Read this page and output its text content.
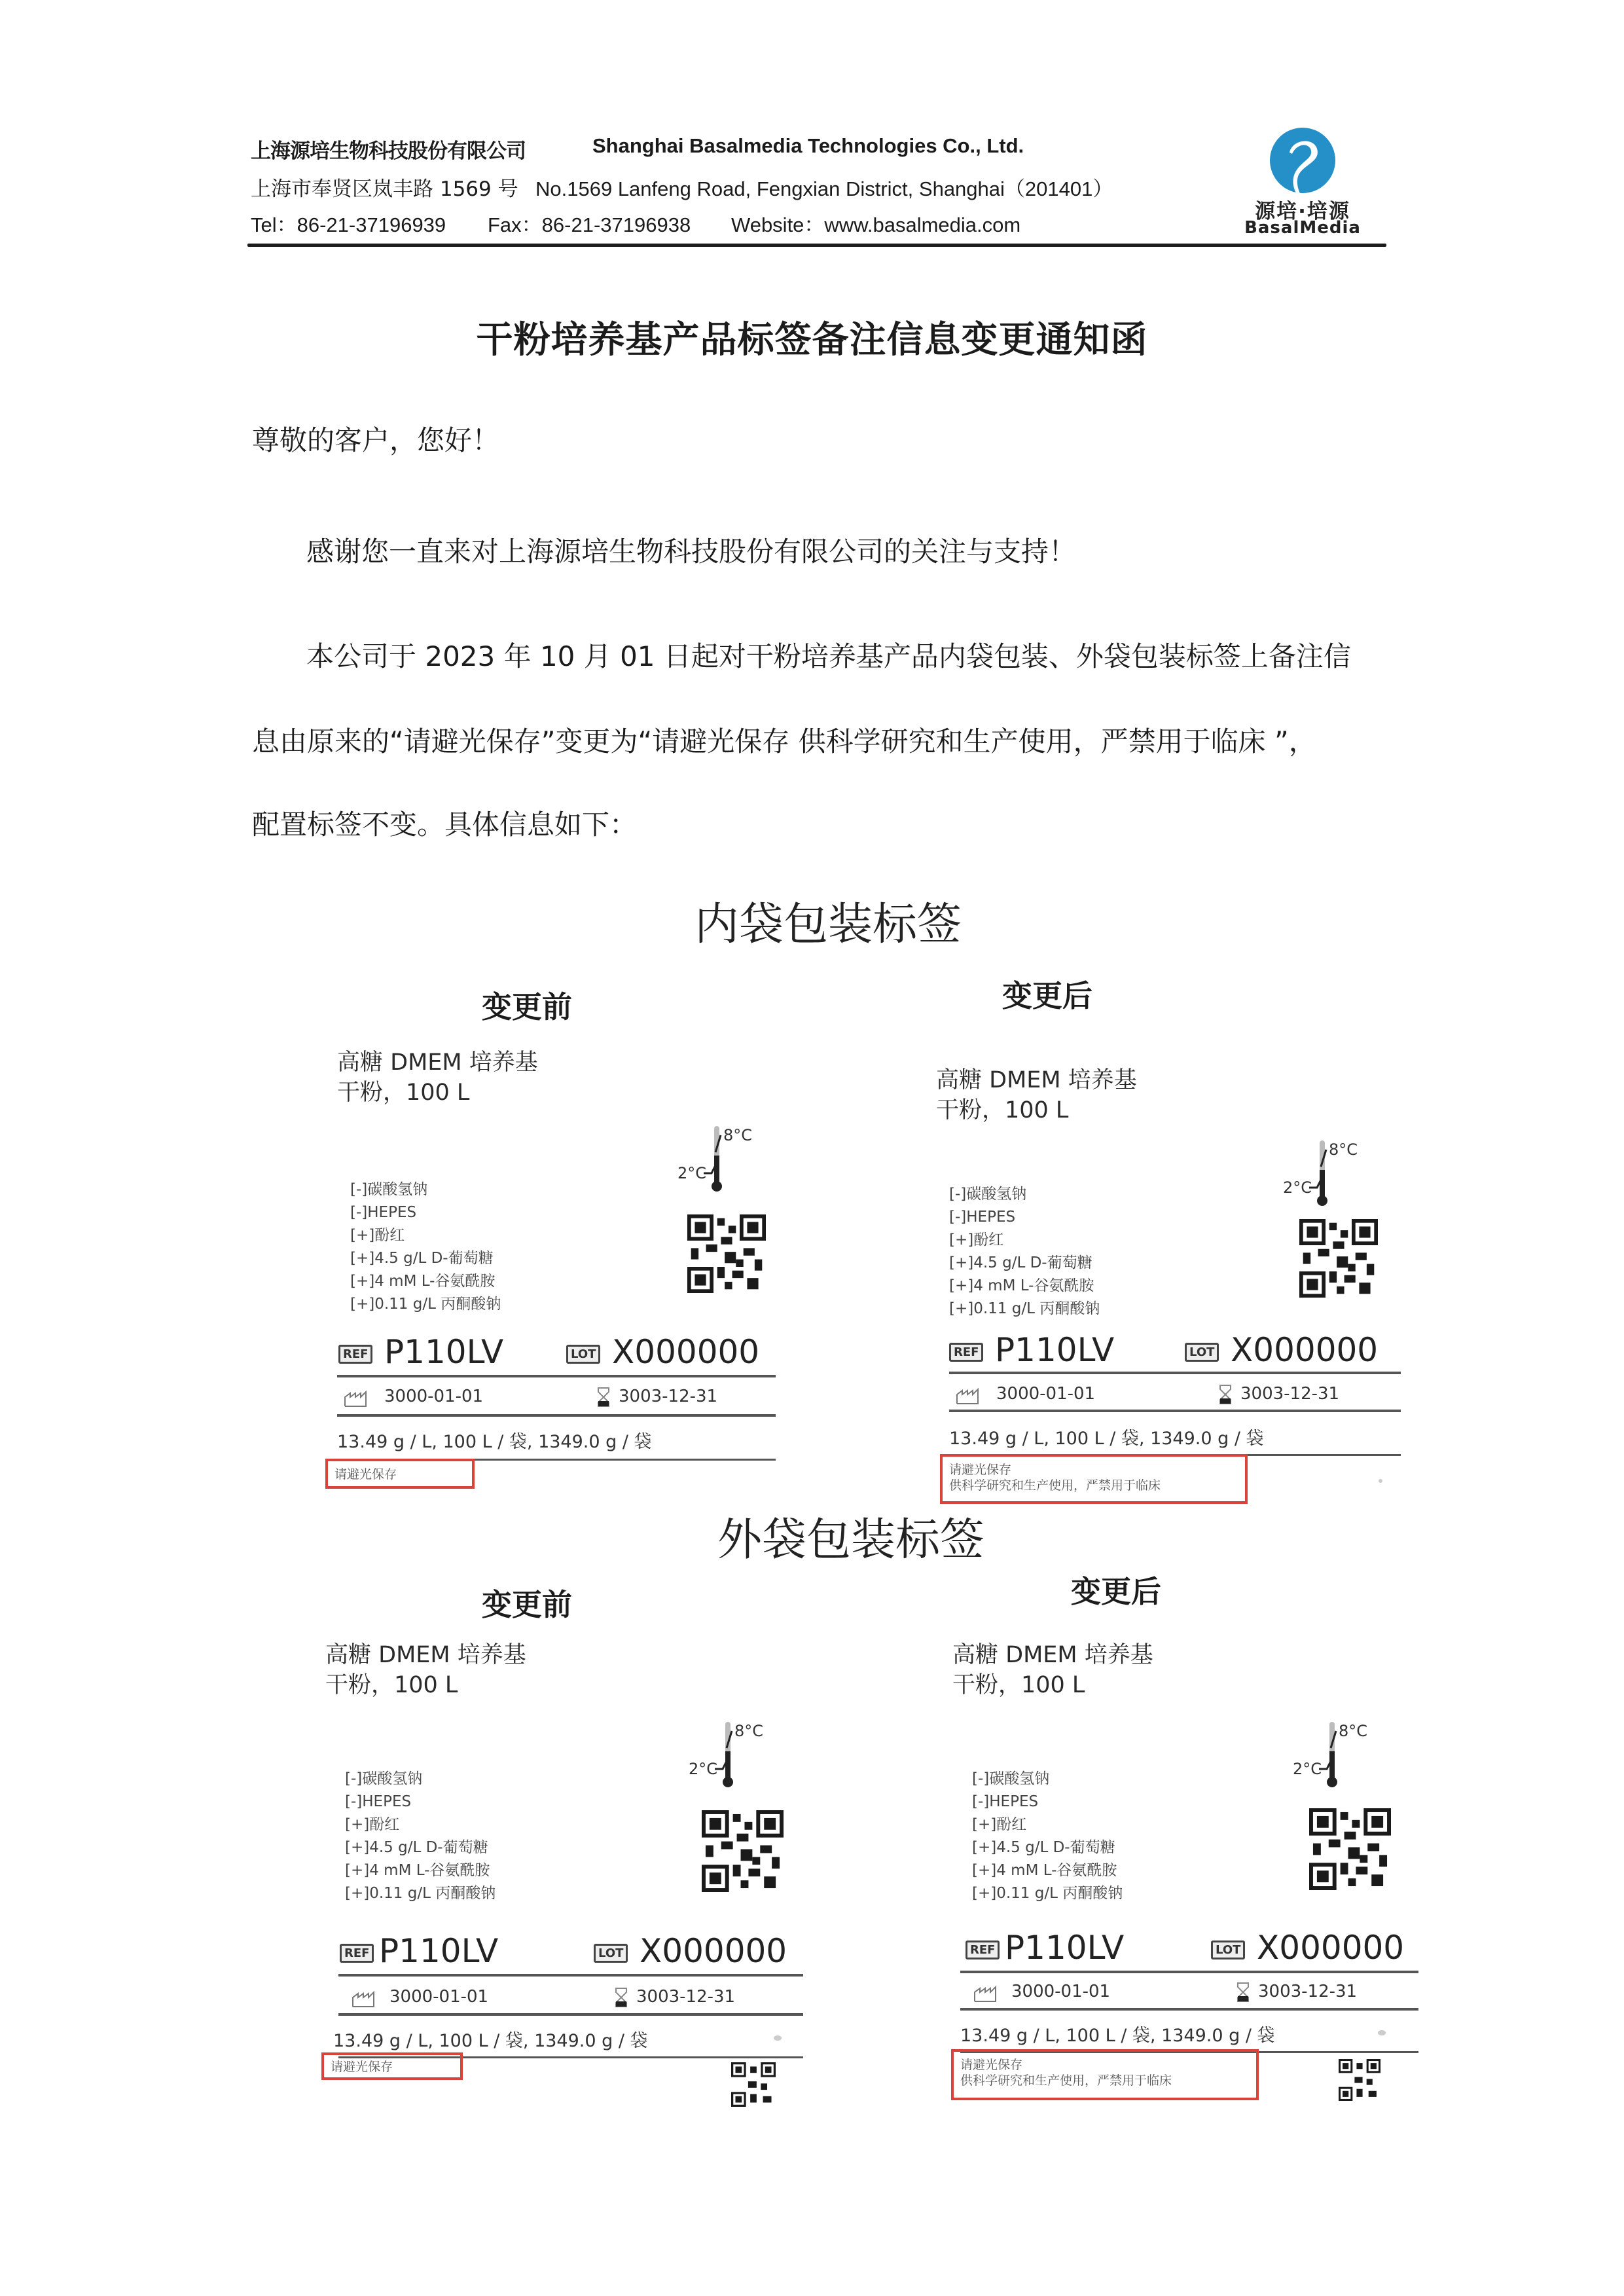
上海源培生物科技股份有限公司	Shanghai Basalmedia Technologies Co., Ltd.
上海市奉贤区岚丰路 1569 号 No.1569 Lanfeng Road, Fengxian District, Shanghai（201401）
Tel：86-21-37196939 Fax：86-21-37196938 Website：www.basalmedia.com
源培·培源
BasalMedia
干粉培养基产品标签备注信息变更通知函
尊敬的客户，您好！
感谢您一直来对上海源培生物科技股份有限公司的关注与支持！
本公司于 2023 年 10 月 01 日起对干粉培养基产品内袋包装、外袋包装标签上备注信
息由原来的“请避光保存”变更为“请避光保存 供科学研究和生产使用，严禁用于临床 ”，
配置标签不变。具体信息如下：
内袋包装标签
变更前	变更后
高糖 DMEM 培养基
干粉，100 L
8°C
2°C
[-]碳酸氢钠
[-]HEPES
[+]酚红
[+]4.5 g/L D-葡萄糖
[+]4 mM L-谷氨酰胺
[+]0.11 g/L 丙酮酸钠
REF P110LV	LOT X000000
3000-01-01	3003-12-31
13.49 g / L, 100 L / 袋, 1349.0 g / 袋
请避光保存
高糖 DMEM 培养基
干粉，100 L
8°C
2°C
[-]碳酸氢钠
[-]HEPES
[+]酚红
[+]4.5 g/L D-葡萄糖
[+]4 mM L-谷氨酰胺
[+]0.11 g/L 丙酮酸钠
REF P110LV	LOT X000000
3000-01-01	3003-12-31
13.49 g / L, 100 L / 袋, 1349.0 g / 袋
请避光保存
供科学研究和生产使用，严禁用于临床
外袋包装标签
变更前	变更后
高糖 DMEM 培养基
干粉，100 L
8°C
2°C
[-]碳酸氢钠
[-]HEPES
[+]酚红
[+]4.5 g/L D-葡萄糖
[+]4 mM L-谷氨酰胺
[+]0.11 g/L 丙酮酸钠
REF P110LV	LOT X000000
3000-01-01	3003-12-31
13.49 g / L, 100 L / 袋, 1349.0 g / 袋
请避光保存
高糖 DMEM 培养基
干粉，100 L
8°C
2°C
[-]碳酸氢钠
[-]HEPES
[+]酚红
[+]4.5 g/L D-葡萄糖
[+]4 mM L-谷氨酰胺
[+]0.11 g/L 丙酮酸钠
REF P110LV	LOT X000000
3000-01-01	3003-12-31
13.49 g / L, 100 L / 袋, 1349.0 g / 袋
请避光保存
供科学研究和生产使用，严禁用于临床
